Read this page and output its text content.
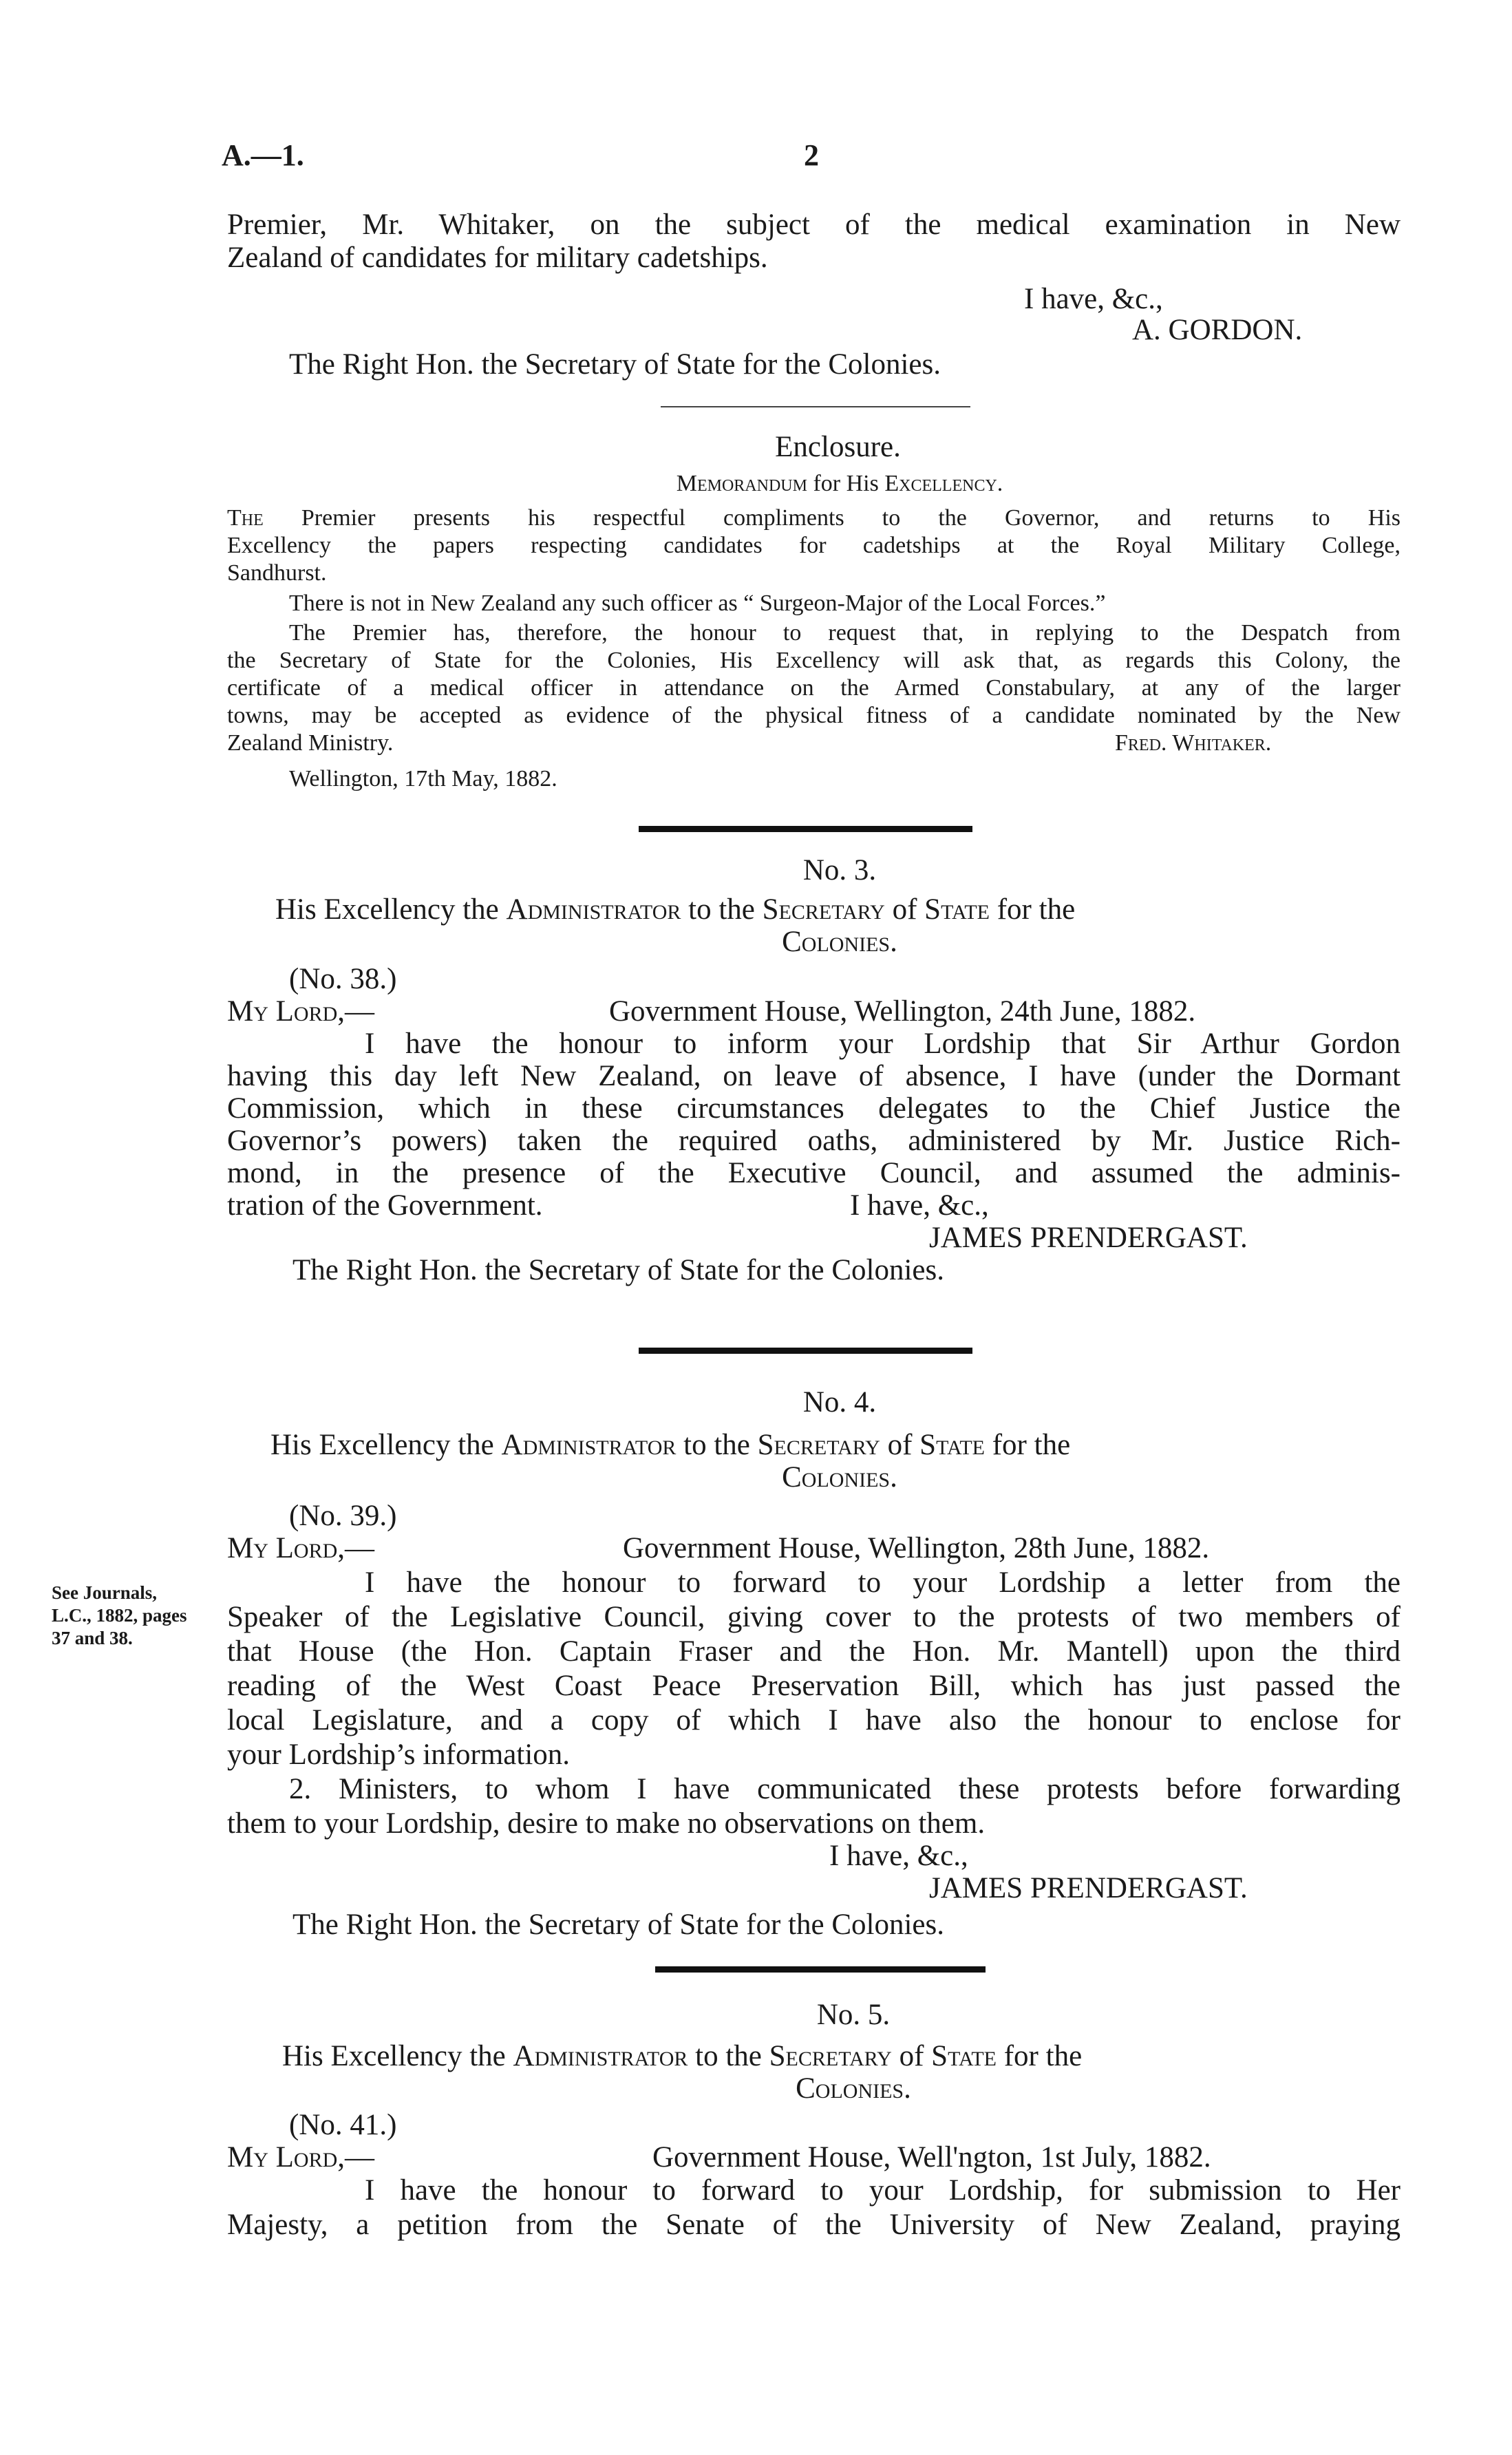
A.—1.	2
Premier, Mr. Whitaker, on the subject of the medical examination in New
Zealand of candidates for military cadetships.
I have, &c.,
A. GORDON.
The Right Hon. the Secretary of State for the Colonies.
Enclosure.
Memorandum for His Excellency.
The Premier presents his respectful compliments to the Governor, and returns to His
Excellency the papers respecting candidates for cadetships at the Royal Military College,
Sandhurst.
There is not in New Zealand any such officer as “ Surgeon-Major of the Local Forces.”
The Premier has, therefore, the honour to request that, in replying to the Despatch from
the Secretary of State for the Colonies, His Excellency will ask that, as regards this Colony, the
certificate of a medical officer in attendance on the Armed Constabulary, at any of the larger
towns, may be accepted as evidence of the physical fitness of a candidate nominated by the New
Zealand Ministry.	Fred. Whitaker.
Wellington, 17th May, 1882.
No. 3.
His Excellency the Administrator to the Secretary of State for the
Colonies.
(No. 38.)
My Lord,—	Government House, Wellington, 24th June, 1882.
I have the honour to inform your Lordship that Sir Arthur Gordon
having this day left New Zealand, on leave of absence, I have (under the Dormant
Commission, which in these circumstances delegates to the Chief Justice the
Governor’s powers) taken the required oaths, administered by Mr. Justice Rich-
mond, in the presence of the Executive Council, and assumed the adminis-
tration of the Government.	I have, &c.,
JAMES PRENDERGAST.
The Right Hon. the Secretary of State for the Colonies.
No. 4.
His Excellency the Administrator to the Secretary of State for the
Colonies.
(No. 39.)
My Lord,—	Government House, Wellington, 28th June, 1882.
See Journals,
L.C., 1882, pages
37 and 38.
I have the honour to forward to your Lordship a letter from the
Speaker of the Legislative Council, giving cover to the protests of two members of
that House (the Hon. Captain Fraser and the Hon. Mr. Mantell) upon the third
reading of the West Coast Peace Preservation Bill, which has just passed the
local Legislature, and a copy of which I have also the honour to enclose for
your Lordship’s information.
2. Ministers, to whom I have communicated these protests before forwarding
them to your Lordship, desire to make no observations on them.
I have, &c.,
JAMES PRENDERGAST.
The Right Hon. the Secretary of State for the Colonies.
No. 5.
His Excellency the Administrator to the Secretary of State for the
Colonies.
(No. 41.)
My Lord,—	Government House, Well'ngton, 1st July, 1882.
I have the honour to forward to your Lordship, for submission to Her
Majesty, a petition from the Senate of the University of New Zealand, praying
